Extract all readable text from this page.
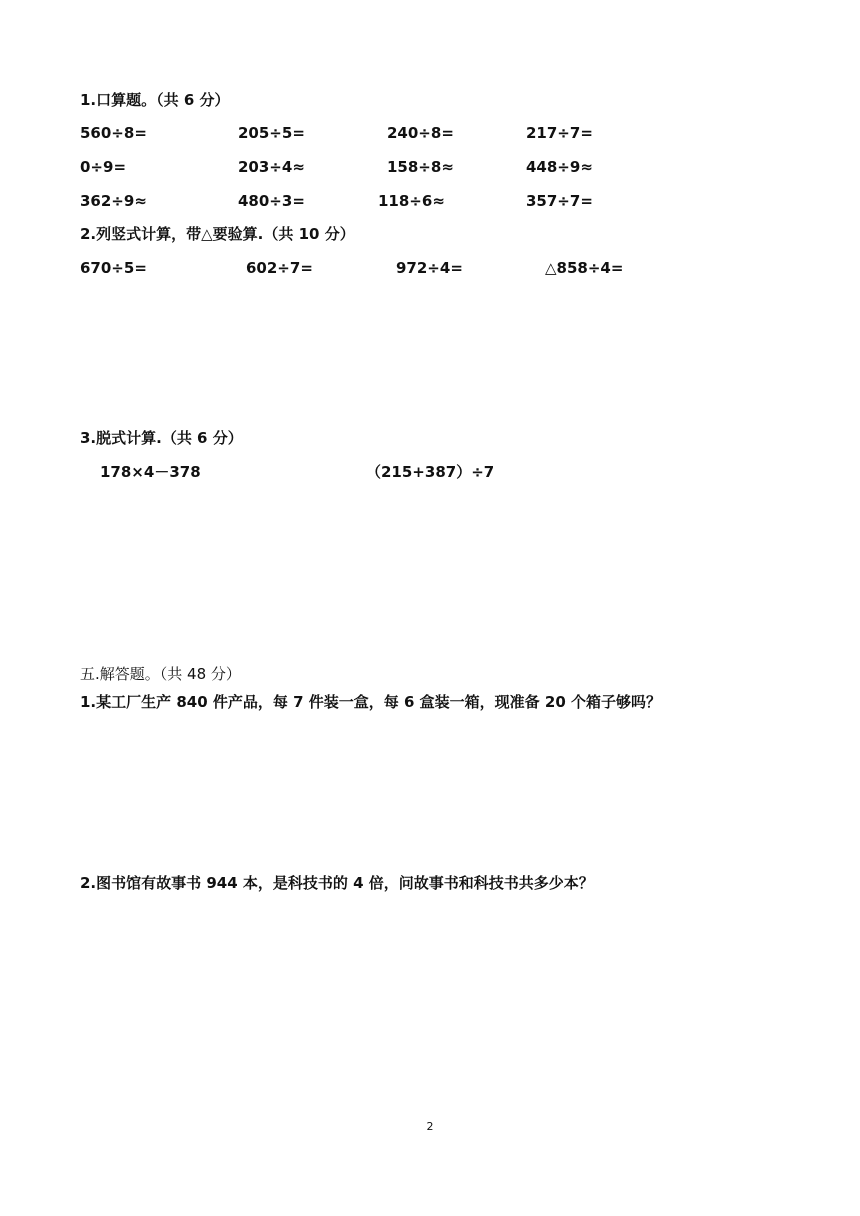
1.口算题。（共 6 分）
560÷8=	205÷5=	240÷8=	217÷7=
0÷9=	203÷4≈	158÷8≈	448÷9≈
362÷9≈	480÷3=	118÷6≈	357÷7=
2.列竖式计算，带△要验算.（共 10 分）
670÷5=	602÷7=	972÷4=	△858÷4=
3.脱式计算.（共 6 分）
178×4－378	（215+387）÷7
五.解答题。（共 48 分）
1.某工厂生产 840 件产品，每 7 件装一盒，每 6 盒装一箱，现准备 20 个箱子够吗？
2.图书馆有故事书 944 本，是科技书的 4 倍，问故事书和科技书共多少本？
2
